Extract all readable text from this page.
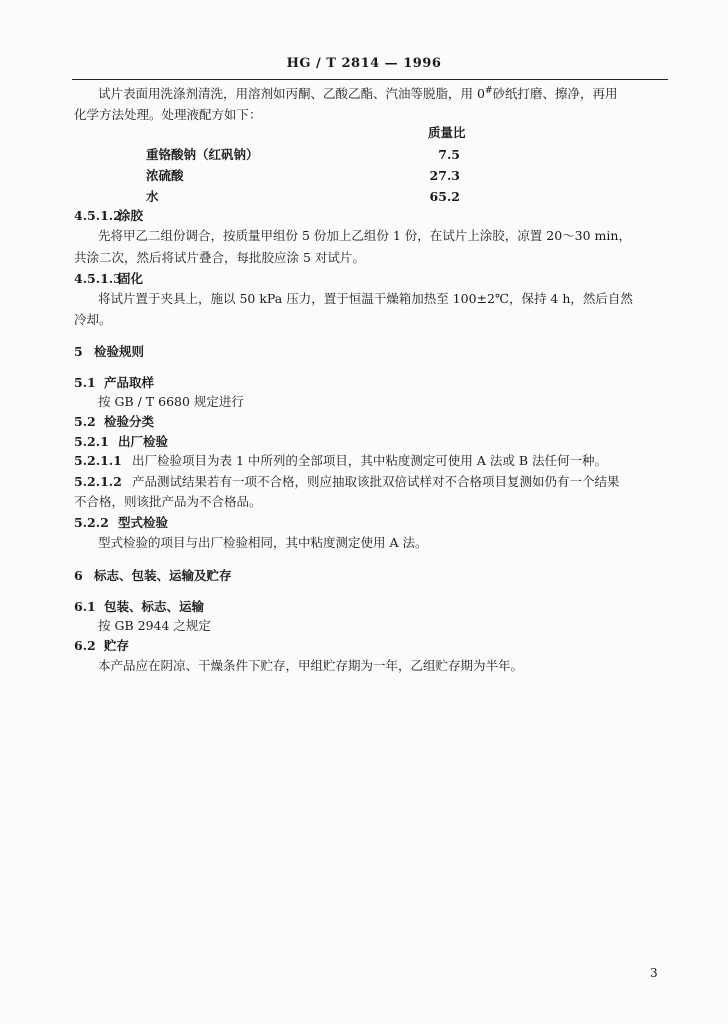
HG / T 2814 — 1996
试片表面用洗涤剂清洗，用溶剂如丙酮、乙酸乙酯、汽油等脱脂，用 0#砂纸打磨、擦净，再用
化学方法处理。处理液配方如下：
质量比
重铬酸钠（红矾钠）	7.5
浓硫酸	27.3
水	65.2
4.5.1.2涂胶
先将甲乙二组份调合，按质量甲组份 5 份加上乙组份 1 份，在试片上涂胶，凉置 20～30 min，
共涂二次，然后将试片叠合，每批胶应涂 5 对试片。
4.5.1.3固化
将试片置于夹具上，施以 50 kPa 压力，置于恒温干燥箱加热至 100±2℃，保持 4 h，然后自然
冷却。
5 检验规则
5.1 产品取样
按 GB / T 6680 规定进行
5.2 检验分类
5.2.1 出厂检验
5.2.1.1 出厂检验项目为表 1 中所列的全部项目，其中粘度测定可使用 A 法或 B 法任何一种。
5.2.1.2 产品测试结果若有一项不合格，则应抽取该批双倍试样对不合格项目复测如仍有一个结果
不合格，则该批产品为不合格品。
5.2.2 型式检验
型式检验的项目与出厂检验相同，其中粘度测定使用 A 法。
6 标志、包装、运输及贮存
6.1 包装、标志、运输
按 GB 2944 之规定
6.2 贮存
本产品应在阴凉、干燥条件下贮存，甲组贮存期为一年，乙组贮存期为半年。
3
